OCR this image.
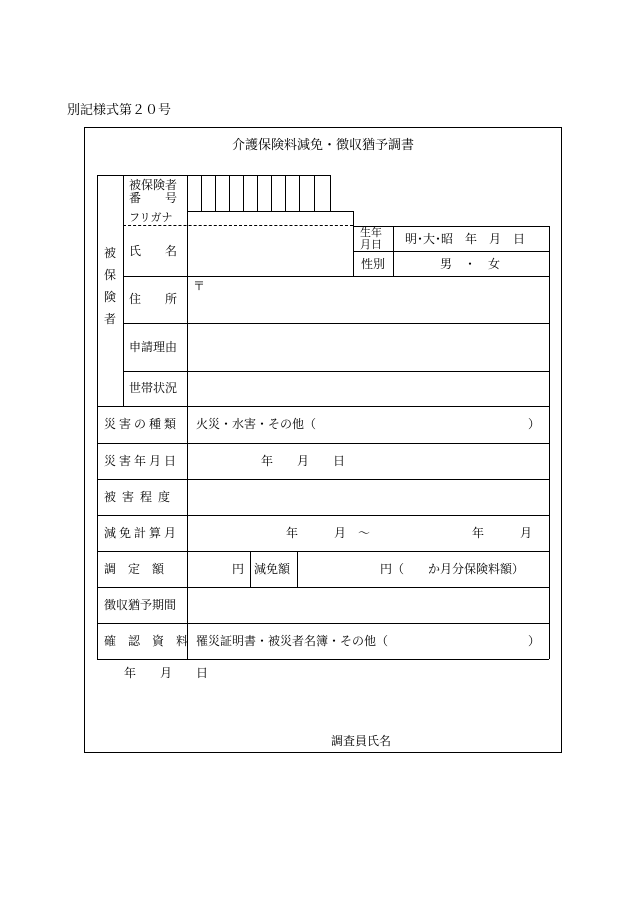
別記様式第２０号
介護保険料減免・徴収猶予調書
被
保
険
者
被保険者
番　　号
フリガナ
氏　　名
生年
月日 明･大･昭　年　月　日
性別	男　・　女
住　　所
〒
申請理由
世帯状況
災害の種類 火災・水害・その他（	）
災害年月日	年　　月　　日
被害程度
減免計算月	年　　　月　～	年　　　月
調　定　額	円 減免額	円（　　か月分保険料額）
徴収猶予期間
確　認　資　料 罹災証明書・被災者名簿・その他（	）
年　　月　　日
調査員氏名
